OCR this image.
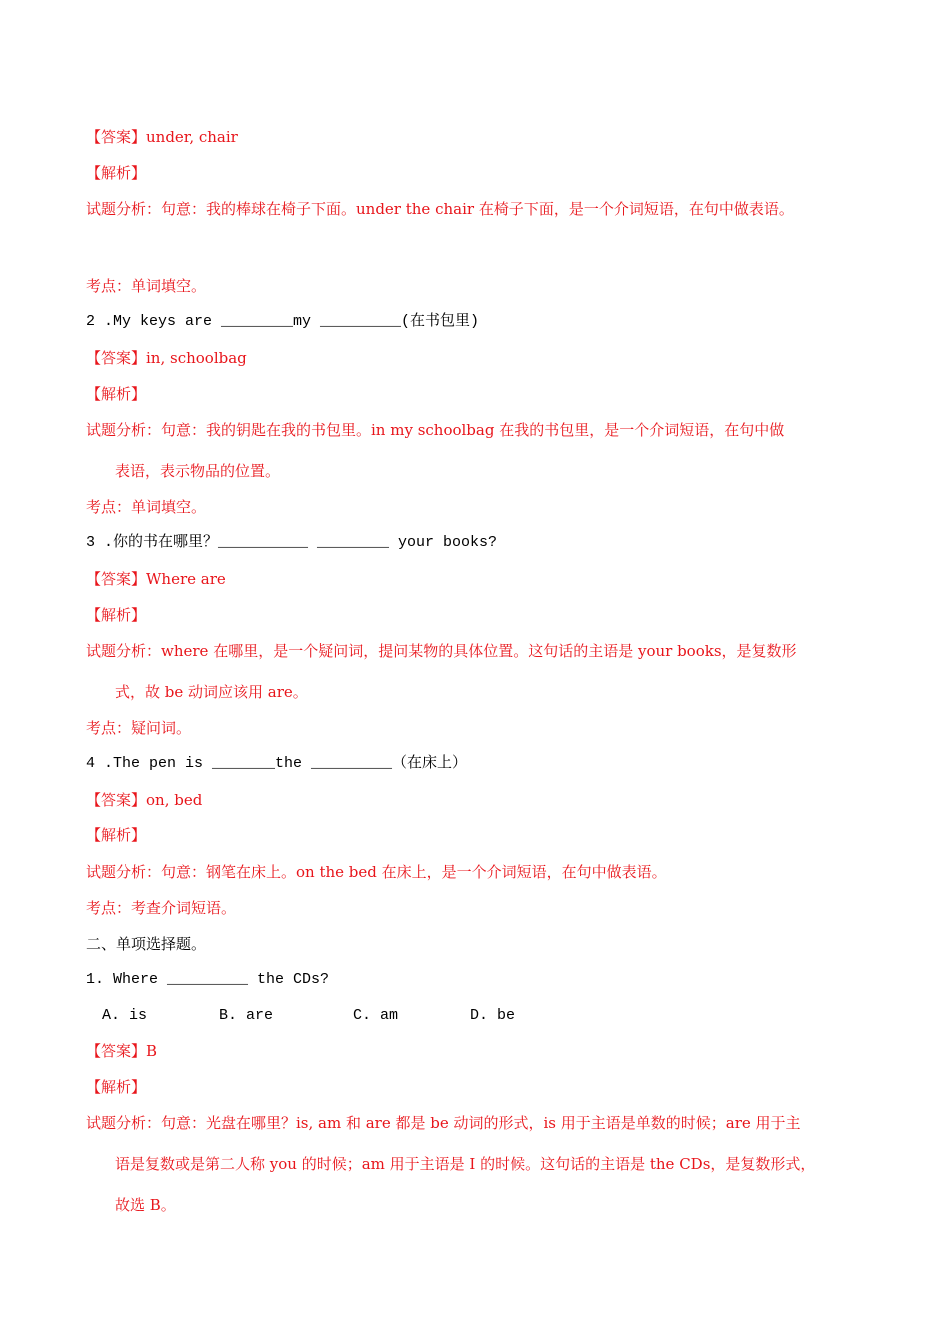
【答案】under, chair
【解析】
试题分析：句意：我的棒球在椅子下面。under the chair 在椅子下面，是一个介词短语，在句中做表语。
考点：单词填空。
2 .My keys are ________my _________(在书包里)
【答案】in, schoolbag
【解析】
试题分析：句意：我的钥匙在我的书包里。in my schoolbag 在我的书包里，是一个介词短语，在句中做
表语，表示物品的位置。
考点：单词填空。
3 .你的书在哪里？__________ ________ your books?
【答案】Where are
【解析】
试题分析：where 在哪里，是一个疑问词，提问某物的具体位置。这句话的主语是 your books，是复数形
式，故 be 动词应该用 are。
考点：疑问词。
4 .The pen is _______the _________（在床上）
【答案】on, bed
【解析】
试题分析：句意：钢笔在床上。on the bed 在床上，是一个介词短语，在句中做表语。
考点：考查介词短语。
二、单项选择题。
1. Where _________ the CDs?
A. is	B. are	C. am	D. be
【答案】B
【解析】
试题分析：句意：光盘在哪里？is, am 和 are 都是 be 动词的形式，is 用于主语是单数的时候；are 用于主
语是复数或是第二人称 you 的时候；am 用于主语是 I 的时候。这句话的主语是 the CDs，是复数形式，
故选 B。
